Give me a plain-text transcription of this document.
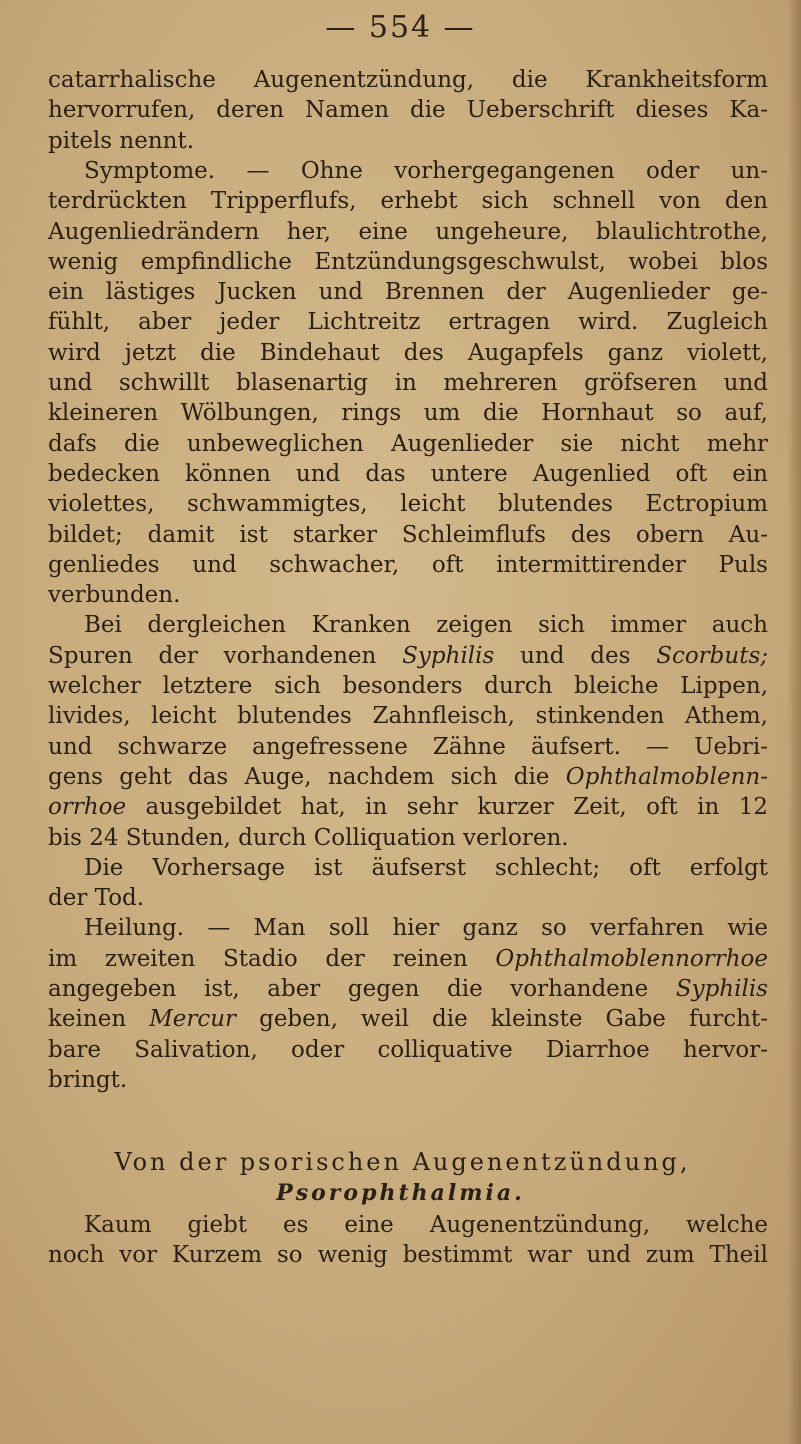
— 554 —
catarrhalische Augenentzündung, die Krankheitsform
hervorrufen, deren Namen die Ueberschrift dieses Ka-
pitels nennt.
Symptome. — Ohne vorhergegangenen oder un-
terdrückten Tripperflufs, erhebt sich schnell von den
Augenliedrändern her, eine ungeheure, blaulichtrothe,
wenig empfindliche Entzündungsgeschwulst, wobei blos
ein lästiges Jucken und Brennen der Augenlieder ge-
fühlt, aber jeder Lichtreitz ertragen wird. Zugleich
wird jetzt die Bindehaut des Augapfels ganz violett,
und schwillt blasenartig in mehreren gröfseren und
kleineren Wölbungen, rings um die Hornhaut so auf,
dafs die unbeweglichen Augenlieder sie nicht mehr
bedecken können und das untere Augenlied oft ein
violettes, schwammigtes, leicht blutendes Ectropium
bildet; damit ist starker Schleimflufs des obern Au-
genliedes und schwacher, oft intermittirender Puls
verbunden.
Bei dergleichen Kranken zeigen sich immer auch
Spuren der vorhandenen Syphilis und des Scorbuts;
welcher letztere sich besonders durch bleiche Lippen,
livides, leicht blutendes Zahnfleisch, stinkenden Athem,
und schwarze angefressene Zähne äufsert. — Uebri-
gens geht das Auge, nachdem sich die Ophthalmoblenn-
orrhoe ausgebildet hat, in sehr kurzer Zeit, oft in 12
bis 24 Stunden, durch Colliquation verloren.
Die Vorhersage ist äufserst schlecht; oft erfolgt
der Tod.
Heilung. — Man soll hier ganz so verfahren wie
im zweiten Stadio der reinen Ophthalmoblennorrhoe
angegeben ist, aber gegen die vorhandene Syphilis
keinen Mercur geben, weil die kleinste Gabe furcht-
bare Salivation, oder colliquative Diarrhoe hervor-
bringt.
Von der psorischen Augenentzündung,
Psorophthalmia.
Kaum giebt es eine Augenentzündung, welche
noch vor Kurzem so wenig bestimmt war und zum Theil
